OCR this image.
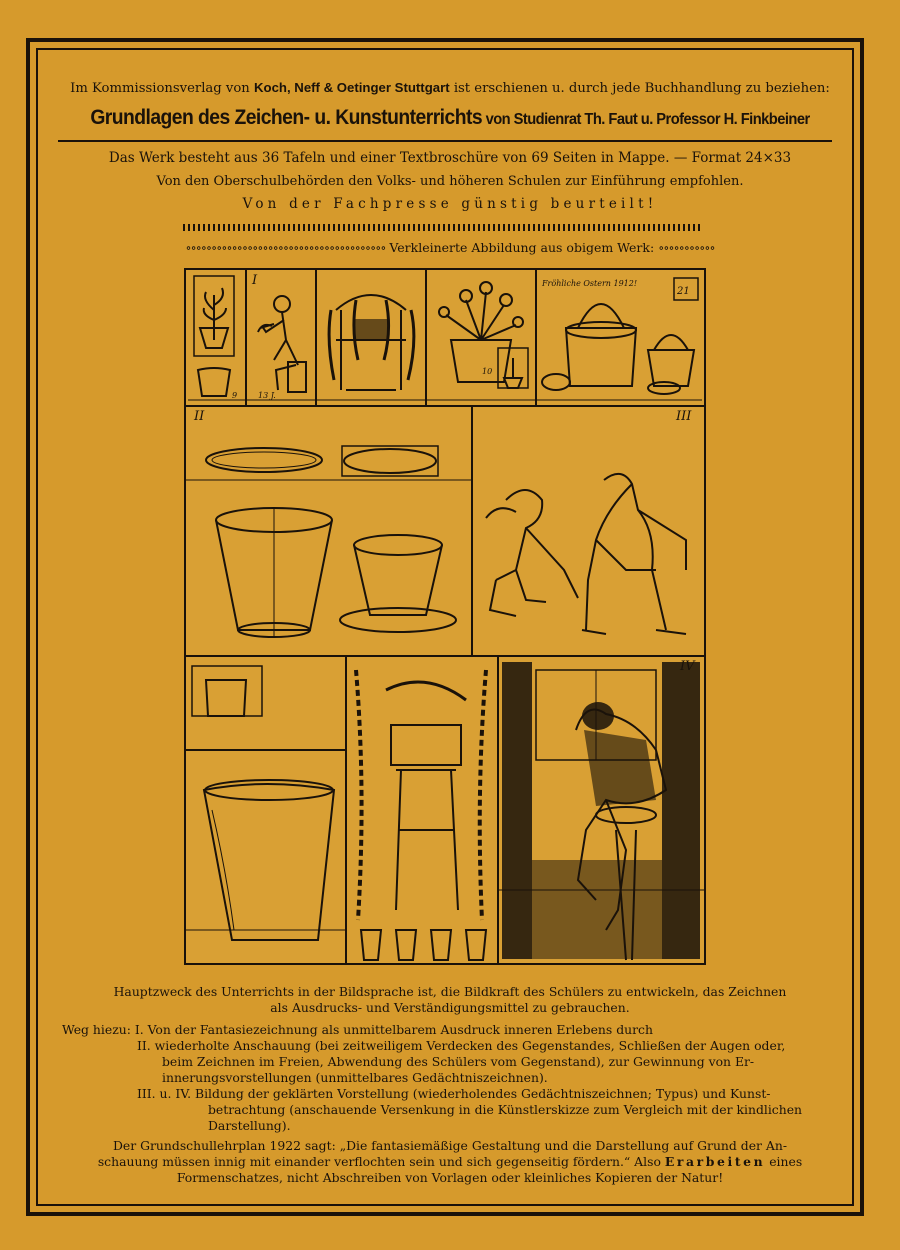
Im Kommissionsverlag von Koch, Neff & Oetinger Stuttgart ist erschienen u. durch jede Buchhandlung zu beziehen:
Grundlagen des Zeichen- u. Kunstunterrichts von Studienrat Th. Faut u. Professor H. Finkbeiner
Das Werk besteht aus 36 Tafeln und einer Textbroschüre von 69 Seiten in Mappe. — Format 24×33
Von den Oberschulbehörden den Volks- und höheren Schulen zur Einführung empfohlen.
Von der Fachpresse günstig beurteilt!
∘∘∘∘∘∘∘∘∘∘∘∘∘∘∘∘∘∘∘∘∘∘∘∘∘∘∘∘∘∘∘∘∘∘∘∘∘∘∘ Verkleinerte Abbildung aus obigem Werk: ∘∘∘∘∘∘∘∘∘∘∘
II	III
IV
I
9	13 J.
10
21
Fröhliche Ostern 1912!
Hauptzweck des Unterrichts in der Bildsprache ist, die Bildkraft des Schülers zu entwickeln, das Zeichnen
als Ausdrucks- und Verständigungsmittel zu gebrauchen.
Weg hiezu: I. Von der Fantasiezeichnung als unmittelbarem Ausdruck inneren Erlebens durch
II. wiederholte Anschauung (bei zeitweiligem Verdecken des Gegenstandes, Schließen der Augen oder,
beim Zeichnen im Freien, Abwendung des Schülers vom Gegenstand), zur Gewinnung von Er-
innerungsvorstellungen (unmittelbares Gedächtniszeichnen).
III. u. IV. Bildung der geklärten Vorstellung (wiederholendes Gedächtniszeichnen; Typus) und Kunst-
betrachtung (anschauende Versenkung in die Künstlerskizze zum Vergleich mit der kindlichen
Darstellung).
Der Grundschullehrplan 1922 sagt: „Die fantasiemäßige Gestaltung und die Darstellung auf Grund der An-
schauung müssen innig mit einander verflochten sein und sich gegenseitig fördern.“ Also Erarbeiten eines
Formenschatzes, nicht Abschreiben von Vorlagen oder kleinliches Kopieren der Natur!
